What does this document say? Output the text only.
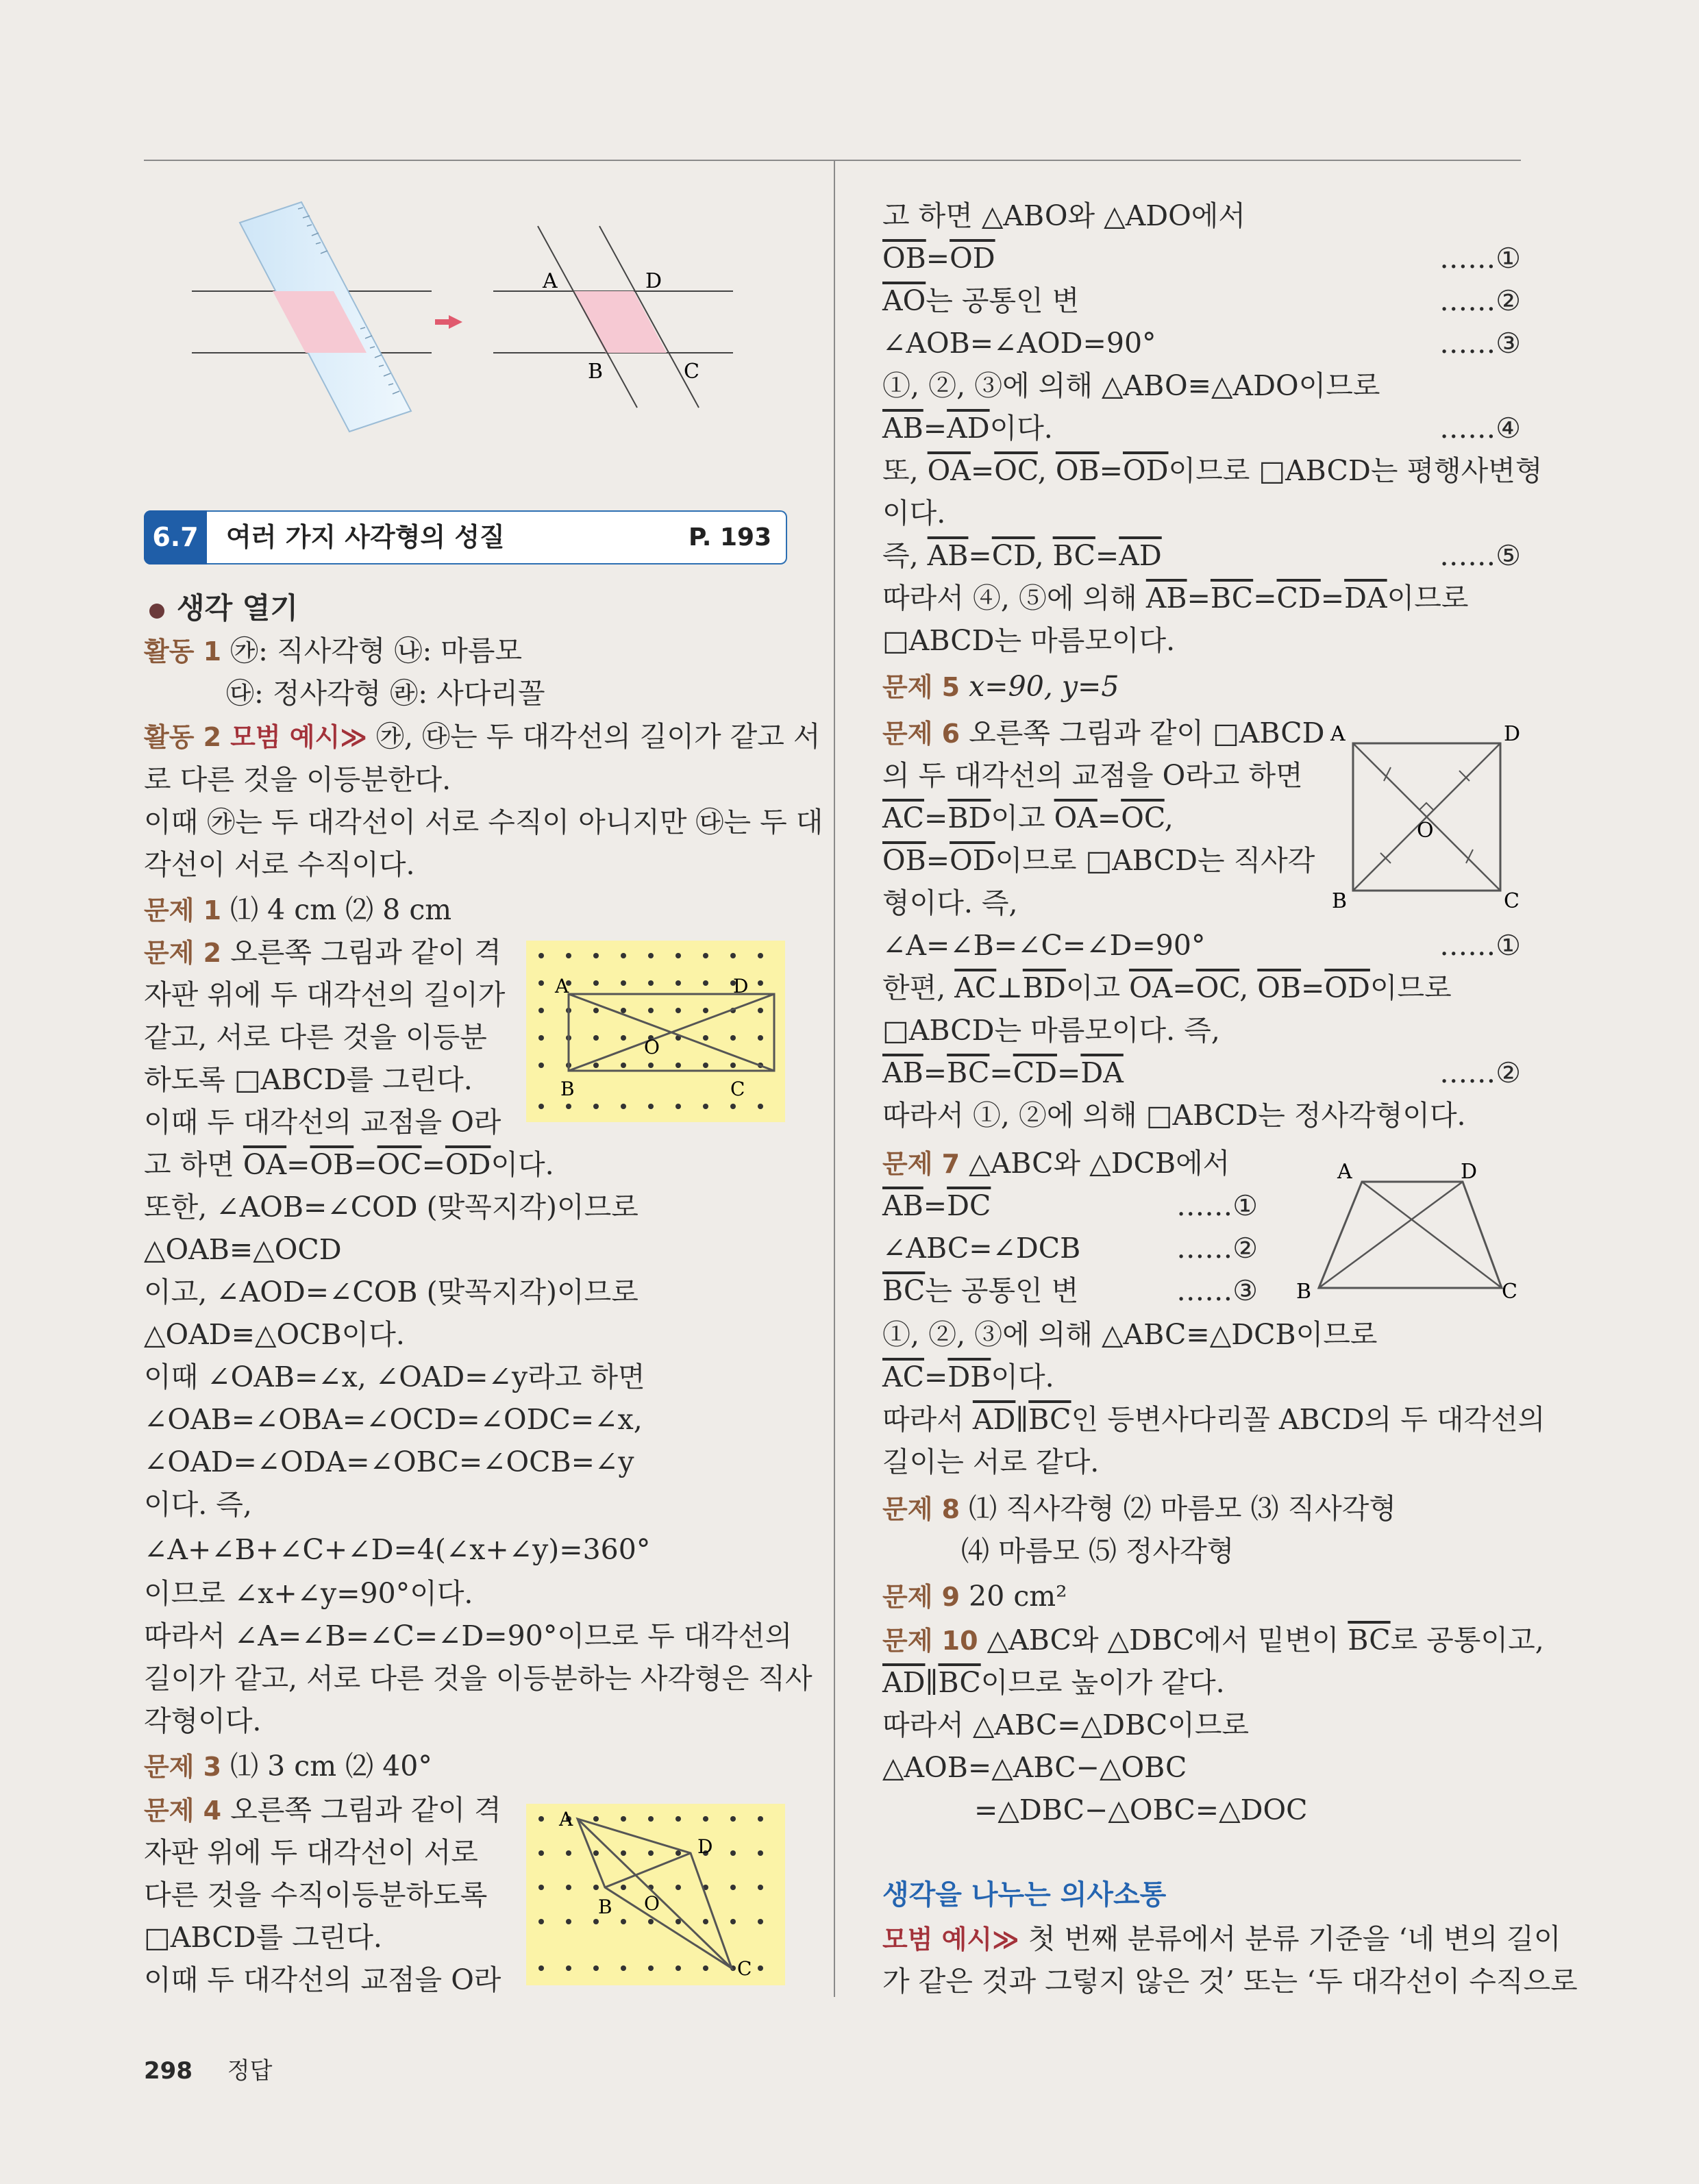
A	D
B	C
6.7	여러 가지 사각형의 성질	P. 193
생각 열기
활동 1 ㉮: 직사각형 ㉯: 마름모
㉰: 정사각형 ㉱: 사다리꼴
활동 2 모범 예시≫ ㉮, ㉰는 두 대각선의 길이가 같고 서
로 다른 것을 이등분한다.
이때 ㉮는 두 대각선이 서로 수직이 아니지만 ㉰는 두 대
각선이 서로 수직이다.
문제 1 ⑴ 4 cm ⑵ 8 cm
문제 2 오른쪽 그림과 같이 격
자판 위에 두 대각선의 길이가
같고, 서로 다른 것을 이등분
하도록 □ABCD를 그린다.
이때 두 대각선의 교점을 O라
A	D
O
B	C
고 하면 $\overline{OA}=\overline{OB}=\overline{OC}=\overline{OD}$이다.
또한, ∠AOB=∠COD (맞꼭지각)이므로
△OAB≡△OCD
이고, ∠AOD=∠COB (맞꼭지각)이므로
△OAD≡△OCB이다.
이때 ∠OAB=∠x, ∠OAD=∠y라고 하면
∠OAB=∠OBA=∠OCD=∠ODC=∠x,
∠OAD=∠ODA=∠OBC=∠OCB=∠y
이다. 즉,
∠A+∠B+∠C+∠D=4(∠x+∠y)=360°
이므로 ∠x+∠y=90°이다.
따라서 ∠A=∠B=∠C=∠D=90°이므로 두 대각선의
길이가 같고, 서로 다른 것을 이등분하는 사각형은 직사
각형이다.
문제 3 ⑴ 3 cm ⑵ 40°
문제 4 오른쪽 그림과 같이 격
자판 위에 두 대각선이 서로
다른 것을 수직이등분하도록
□ABCD를 그린다.
이때 두 대각선의 교점을 O라
A
D
O
B
C
고 하면 △ABO와 △ADO에서
$\overline{OB}=\overline{OD}$	……①
$\overline{AO}$는 공통인 변	……②
∠AOB=∠AOD=90°	……③
①, ②, ③에 의해 △ABO≡△ADO이므로
$\overline{AB}=\overline{AD}$이다.	……④
또, $\overline{OA}=\overline{OC}$, $\overline{OB}=\overline{OD}$이므로 □ABCD는 평행사변형
이다.
즉, $\overline{AB}=\overline{CD}$, $\overline{BC}=\overline{AD}$	……⑤
따라서 ④, ⑤에 의해 $\overline{AB}=\overline{BC}=\overline{CD}=\overline{DA}$이므로
□ABCD는 마름모이다.
문제 5 x=90, y=5
문제 6 오른쪽 그림과 같이 □ABCD
의 두 대각선의 교점을 O라고 하면
$\overline{AC}=\overline{BD}$이고 $\overline{OA}=\overline{OC}$,
$\overline{OB}=\overline{OD}$이므로 □ABCD는 직사각
형이다. 즉,
A	D
O
B	C
∠A=∠B=∠C=∠D=90°	……①
한편, $\overline{AC}\perp\overline{BD}$이고 $\overline{OA}=\overline{OC}$, $\overline{OB}=\overline{OD}$이므로
□ABCD는 마름모이다. 즉,
$\overline{AB}=\overline{BC}=\overline{CD}=\overline{DA}$	……②
따라서 ①, ②에 의해 □ABCD는 정사각형이다.
문제 7 △ABC와 △DCB에서
$\overline{AB}=\overline{DC}$	……①
∠ABC=∠DCB	……②
$\overline{BC}$는 공통인 변	……③
A	D
B	C
①, ②, ③에 의해 △ABC≡△DCB이므로
$\overline{AC}=\overline{DB}$이다.
따라서 $\overline{AD}\parallel\overline{BC}$인 등변사다리꼴 ABCD의 두 대각선의
길이는 서로 같다.
문제 8 ⑴ 직사각형 ⑵ 마름모 ⑶ 직사각형
⑷ 마름모 ⑸ 정사각형
문제 9 20 cm²
문제 10 △ABC와 △DBC에서 밑변이 $\overline{BC}$로 공통이고,
$\overline{AD}\parallel\overline{BC}$이므로 높이가 같다.
따라서 △ABC=△DBC이므로
△AOB=△ABC−△OBC
=△DBC−△OBC=△DOC
생각을 나누는 의사소통
모범 예시≫ 첫 번째 분류에서 분류 기준을 ‘네 변의 길이
가 같은 것과 그렇지 않은 것’ 또는 ‘두 대각선이 수직으로
298 정답
